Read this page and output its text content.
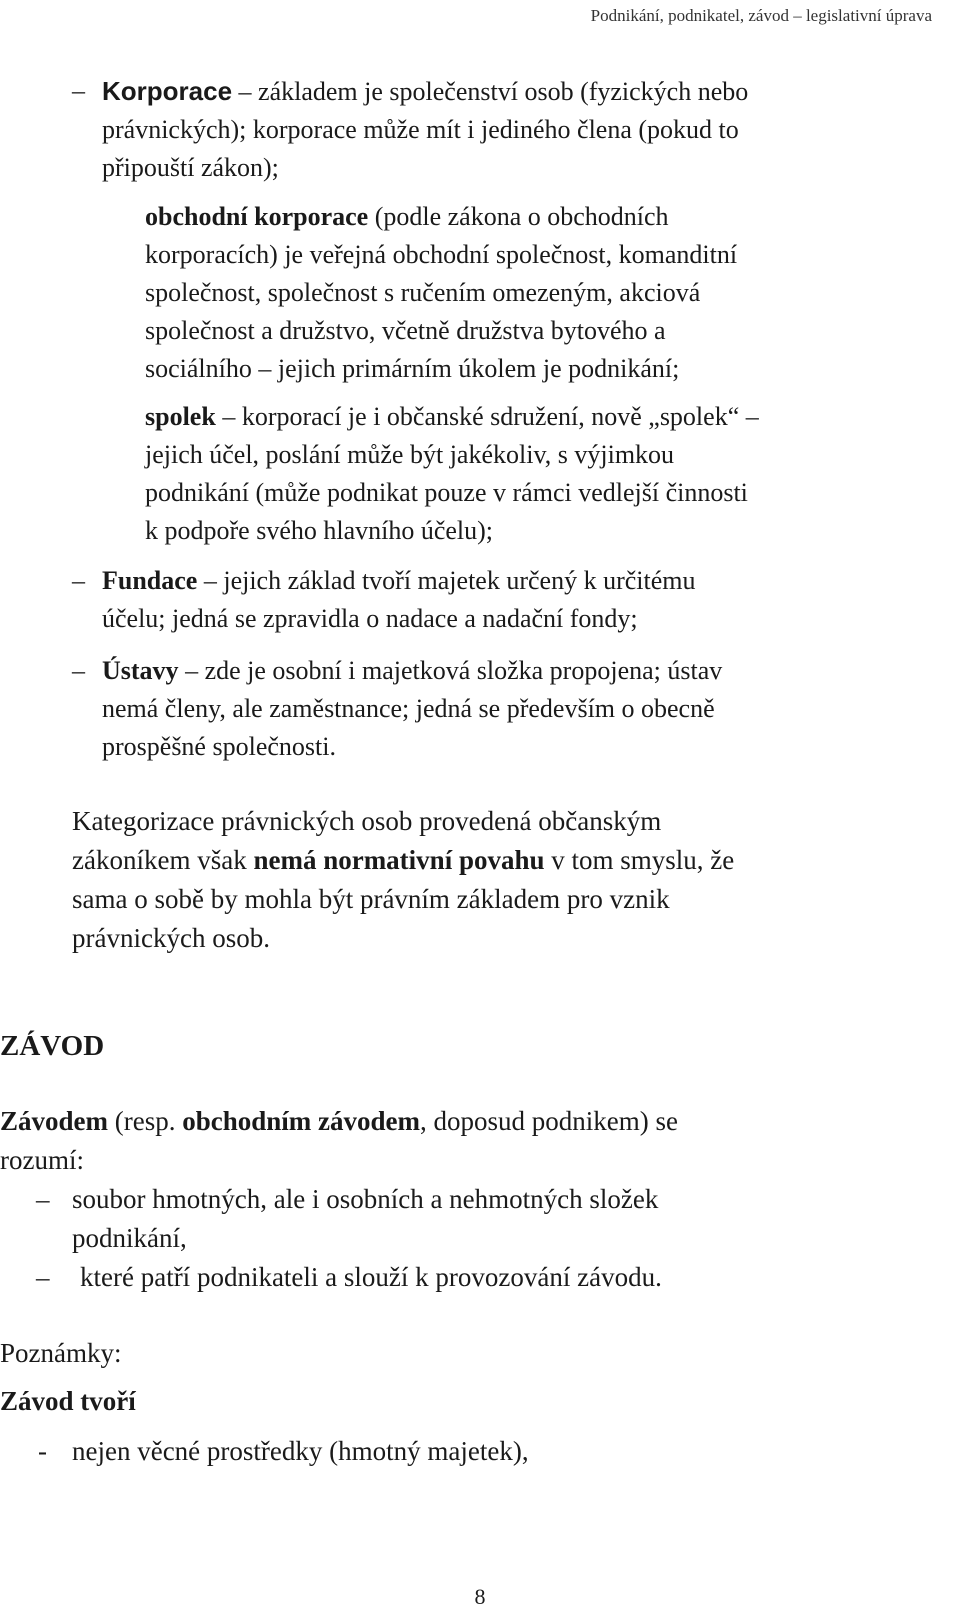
Podnikání, podnikatel, závod – legislativní úprava
– Korporace – základem je společenství osob (fyzických nebo
právnických); korporace může mít i jediného člena (pokud to
připouští zákon);
obchodní korporace (podle zákona o obchodních
korporacích) je veřejná obchodní společnost, komanditní
společnost, společnost s ručením omezeným, akciová
společnost a družstvo, včetně družstva bytového a
sociálního – jejich primárním úkolem je podnikání;
spolek – korporací je i občanské sdružení, nově „spolek“ –
jejich účel, poslání může být jakékoliv, s výjimkou
podnikání (může podnikat pouze v rámci vedlejší činnosti
k podpoře svého hlavního účelu);
– Fundace – jejich základ tvoří majetek určený k určitému
účelu; jedná se zpravidla o nadace a nadační fondy;
– Ústavy – zde je osobní i majetková složka propojena; ústav
nemá členy, ale zaměstnance; jedná se především o obecně
prospěšné společnosti.
Kategorizace právnických osob provedená občanským
zákoníkem však nemá normativní povahu v tom smyslu, že
sama o sobě by mohla být právním základem pro vznik
právnických osob.
ZÁVOD
Závodem (resp. obchodním závodem, doposud podnikem) se
rozumí:
– soubor hmotných, ale i osobních a nehmotných složek
podnikání,
– které patří podnikateli a slouží k provozování závodu.
Poznámky:
Závod tvoří
- nejen věcné prostředky (hmotný majetek),
8
